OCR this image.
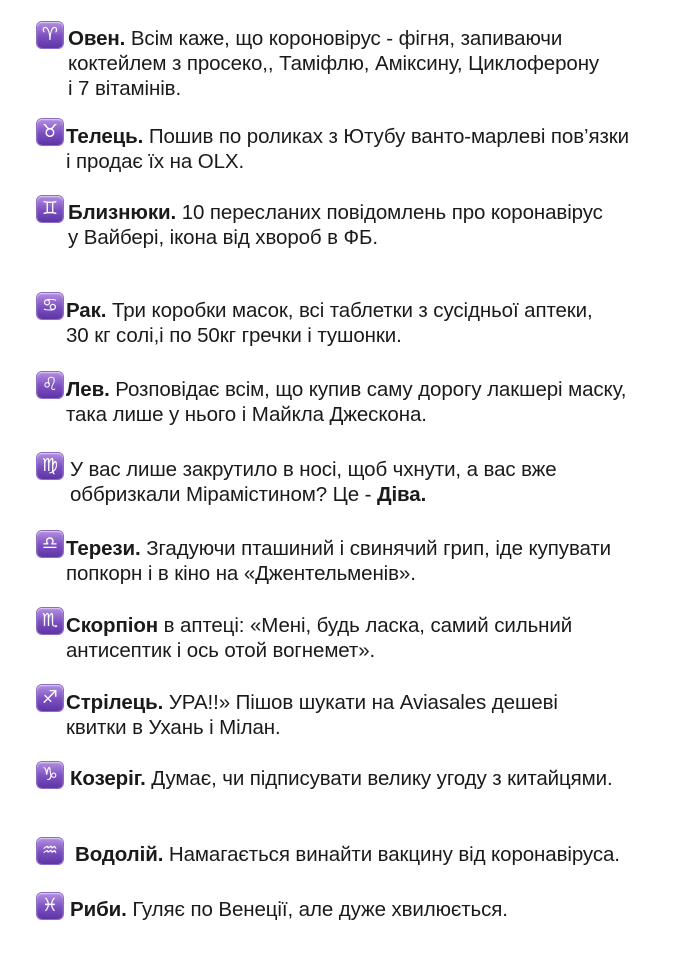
♈ Овен. Всім каже, що короновірус - фігня, запиваючи
коктейлем з просеко,, Таміфлю, Аміксину, Циклоферону
і 7 вітамінів.
♉ Телець. Пошив по роликах з Ютубу ванто-марлеві пов’язки
і продає їх на OLX.
♊ Близнюки. 10 пересланих повідомлень про коронавірус
у Вайбері, ікона від хвороб в ФБ.
♋ Рак. Три коробки масок, всі таблетки з сусідньої аптеки,
30 кг солі,і по 50кг гречки і тушонки.
♌ Лев. Розповідає всім, що купив саму дорогу лакшері маску,
така лише у нього і Майкла Джескона.
♍ У вас лише закрутило в носі, щоб чхнути, а вас вже
оббризкали Мірамістином? Це - Діва.
♎ Терези. Згадуючи пташиний і свинячий грип, іде купувати
попкорн і в кіно на «Джентельменів».
♏ Скорпіон в аптеці: «Мені, будь ласка, самий сильний
антисептик і ось отой вогнемет».
♐ Стрілець. УРА!!» Пішов шукати на Aviasales дешеві
квитки в Ухань і Мілан.
♑ Козеріг. Думає, чи підписувати велику угоду з китайцями.
♒ Водолій. Намагається винайти вакцину від коронавіруса.
♓ Риби. Гуляє по Венеції, але дуже хвилюється.
